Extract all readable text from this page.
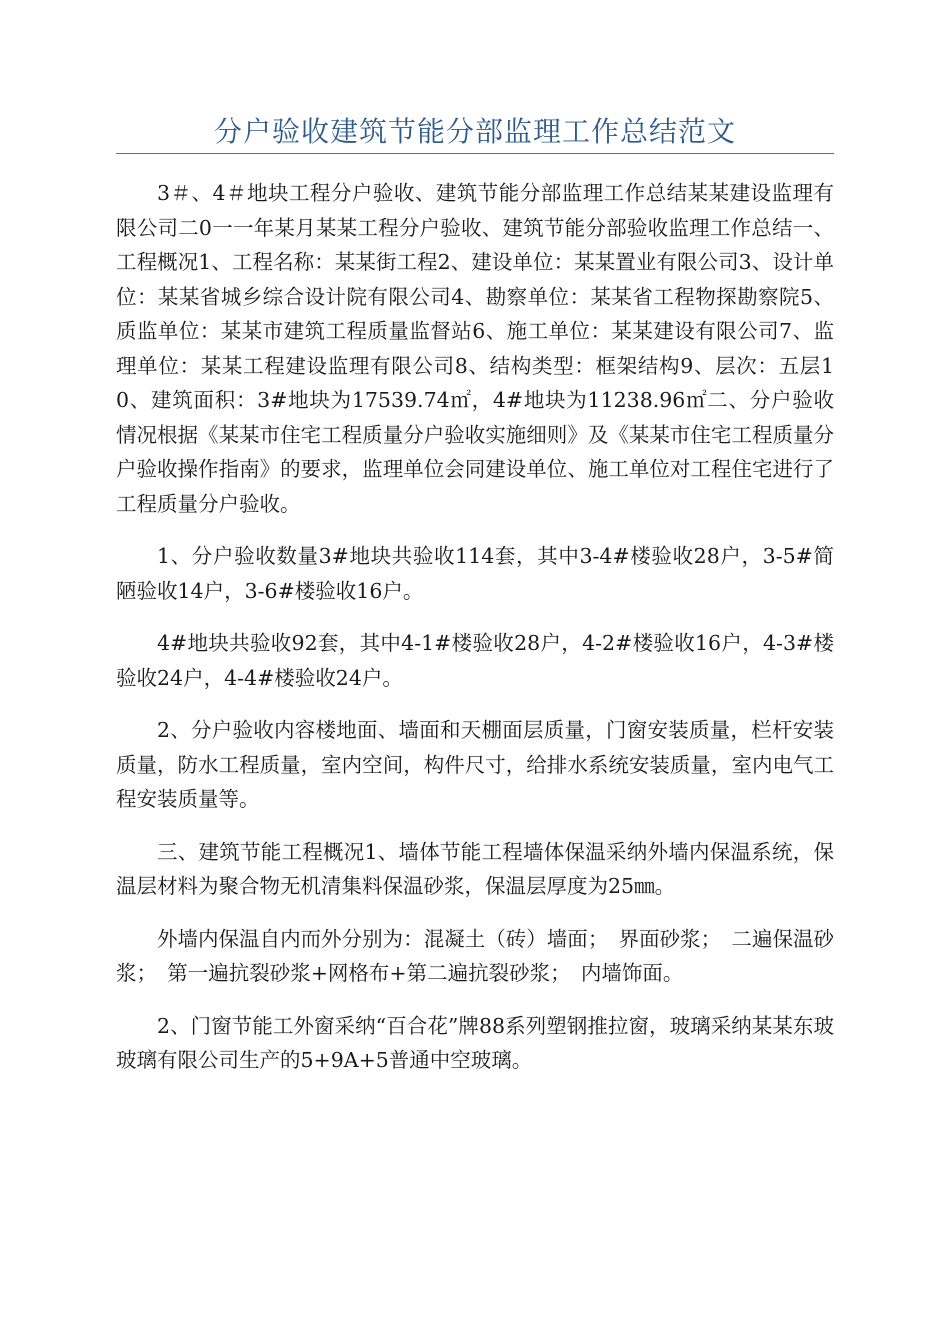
分户验收建筑节能分部监理工作总结范文

3＃、4＃地块工程分户验收、建筑节能分部监理工作总结某某建设监理有限公司二0一一年某月某某工程分户验收、建筑节能分部验收监理工作总结一、工程概况1、工程名称：某某街工程2、建设单位：某某置业有限公司3、设计单位：某某省城乡综合设计院有限公司4、勘察单位：某某省工程物探勘察院5、质监单位：某某市建筑工程质量监督站6、施工单位：某某建设有限公司7、监理单位：某某工程建设监理有限公司8、结构类型：框架结构9、层次：五层10、建筑面积：3#地块为17539.74㎡，4#地块为11238.96㎡二、分户验收情况根据《某某市住宅工程质量分户验收实施细则》及《某某市住宅工程质量分户验收操作指南》的要求，监理单位会同建设单位、施工单位对工程住宅进行了工程质量分户验收。

1、分户验收数量3#地块共验收114套，其中3-4#楼验收28户，3-5#简陋验收14户，3-6#楼验收16户。

4#地块共验收92套，其中4-1#楼验收28户，4-2#楼验收16户，4-3#楼验收24户，4-4#楼验收24户。

2、分户验收内容楼地面、墙面和天棚面层质量，门窗安装质量，栏杆安装质量，防水工程质量，室内空间，构件尺寸，给排水系统安装质量，室内电气工程安装质量等。

三、建筑节能工程概况1、墙体节能工程墙体保温采纳外墙内保温系统，保温层材料为聚合物无机清集料保温砂浆，保温层厚度为25㎜。

外墙内保温自内而外分别为：混凝土（砖）墙面；　界面砂浆；　二遍保温砂浆；　第一遍抗裂砂浆+网格布+第二遍抗裂砂浆；　内墙饰面。

2、门窗节能工外窗采纳“百合花”牌88系列塑钢推拉窗，玻璃采纳某某东玻玻璃有限公司生产的5+9A+5普通中空玻璃。
